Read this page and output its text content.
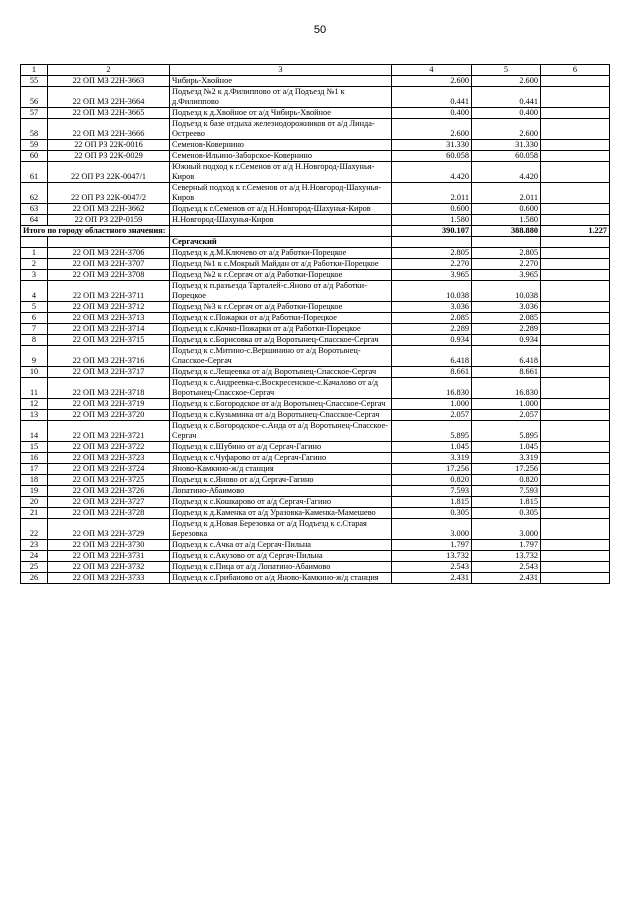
50
1	2	3	4	5	6
55	22 ОП МЗ 22Н-3663	Чибирь-Хвойное	2.600	2.600	
56	22 ОП МЗ 22Н-3664	Подъезд №2 к д.Филиппово от а/д Подъезд №1 к д.Филиппово	0.441	0.441	
57	22 ОП МЗ 22Н-3665	Подъезд к д.Хвойное от а/д Чибирь-Хвойное	0.400	0.400	
58	22 ОП МЗ 22Н-3666	Подъезд к базе отдыха железнодорожников от а/д Линда-Остреево	2.600	2.600	
59	22 ОП РЗ 22К-0016	Семенов-Ковернино	31.330	31.330	
60	22 ОП РЗ 22К-0029	Семенов-Ильино-Заборское-Ковернино	60.058	60.058	
61	22 ОП РЗ 22К-0047/1	Южный подход к г.Семенов от а/д Н.Новгород-Шахунья-Киров	4.420	4.420	
62	22 ОП РЗ 22К-0047/2	Северный подход к г.Семенов от а/д Н.Новгород-Шахунья-Киров	2.011	2.011	
63	22 ОП МЗ 22Н-3662	Подъезд к г.Семенов от а/д Н.Новгород-Шахунья-Киров	0.600	0.600	
64	22 ОП РЗ 22Р-0159	Н.Новгород-Шахунья-Киров	1.580	1.580	
Итого по городу областного значения:			390.107	388.880	1.227
		Сергачский			
1	22 ОП МЗ 22Н-3706	Подъезд к д.М.Ключево от а/д Работки-Порецкое	2.805	2.805	
2	22 ОП МЗ 22Н-3707	Подъезд №1 к с.Мокрый Майдан от а/д Работки-Порецкое	2.270	2.270	
3	22 ОП МЗ 22Н-3708	Подъезд №2 к г.Сергач от а/д Работки-Порецкое	3.965	3.965	
4	22 ОП МЗ 22Н-3711	Подъезд к п.разъезда Тарталей-с.Яново от а/д Работки-Порецкое	10.038	10.038	
5	22 ОП МЗ 22Н-3712	Подъезд №3 к г.Сергач от а/д Работки-Порецкое	3.036	3.036	
6	22 ОП МЗ 22Н-3713	Подъезд к с.Пожарки от а/д Работки-Порецкое	2.085	2.085	
7	22 ОП МЗ 22Н-3714	Подъезд к с.Кочко-Пожарки от а/д Работки-Порецкое	2.289	2.289	
8	22 ОП МЗ 22Н-3715	Подъезд к с.Борисовка от а/д Воротынец-Спасское-Сергач	0.934	0.934	
9	22 ОП МЗ 22Н-3716	Подъезд к с.Митино-с.Вершинино от а/д Воротынец-Спасское-Сергач	6.418	6.418	
10	22 ОП МЗ 22Н-3717	Подъезд к с.Лещеевка от а/д Воротынец-Спасское-Сергач	8.661	8.661	
11	22 ОП МЗ 22Н-3718	Подъезд к с.Андреевка-с.Воскресенское-с.Качалово от а/д Воротынец-Спасское-Сергач	16.830	16.830	
12	22 ОП МЗ 22Н-3719	Подъезд к с.Богородское от а/д Воротынец-Спасское-Сергач	1.000	1.000	
13	22 ОП МЗ 22Н-3720	Подъезд к с.Кузьминка от а/д Воротынец-Спасское-Сергач	2.057	2.057	
14	22 ОП МЗ 22Н-3721	Подъезд к с.Богородское-с.Анда от а/д Воротынец-Спасское-Сергач	5.895	5.895	
15	22 ОП МЗ 22Н-3722	Подъезд к с.Шубино от а/д Сергач-Гагино	1.045	1.045	
16	22 ОП МЗ 22Н-3723	Подъезд к с.Чуфарово от а/д Сергач-Гагино	3.319	3.319	
17	22 ОП МЗ 22Н-3724	Яново-Камкино-ж/д станция	17.256	17.256	
18	22 ОП МЗ 22Н-3725	Подъезд к с.Яново от а/д Сергач-Гагино	0.820	0.820	
19	22 ОП МЗ 22Н-3726	Лопатино-Абаимово	7.593	7.593	
20	22 ОП МЗ 22Н-3727	Подъезд к с.Кошкарово от а/д Сергач-Гагино	1.815	1.815	
21	22 ОП МЗ 22Н-3728	Подъезд к д.Каменка от а/д Уразовка-Каменка-Мамешево	0.305	0.305	
22	22 ОП МЗ 22Н-3729	Подъезд к д.Новая Березовка от а/д Подъезд к с.Старая Березовка	3.000	3.000	
23	22 ОП МЗ 22Н-3730	Подъезд к с.Ачка от а/д Сергач-Пильна	1.797	1.797	
24	22 ОП МЗ 22Н-3731	Подъезд к с.Акузово от а/д Сергач-Пильна	13.732	13.732	
25	22 ОП МЗ 22Н-3732	Подъезд к с.Пица от а/д Лопатино-Абаимово	2.543	2.543	
26	22 ОП МЗ 22Н-3733	Подъезд к с.Грибаново от а/д Яново-Камкино-ж/д станция	2.431	2.431	
